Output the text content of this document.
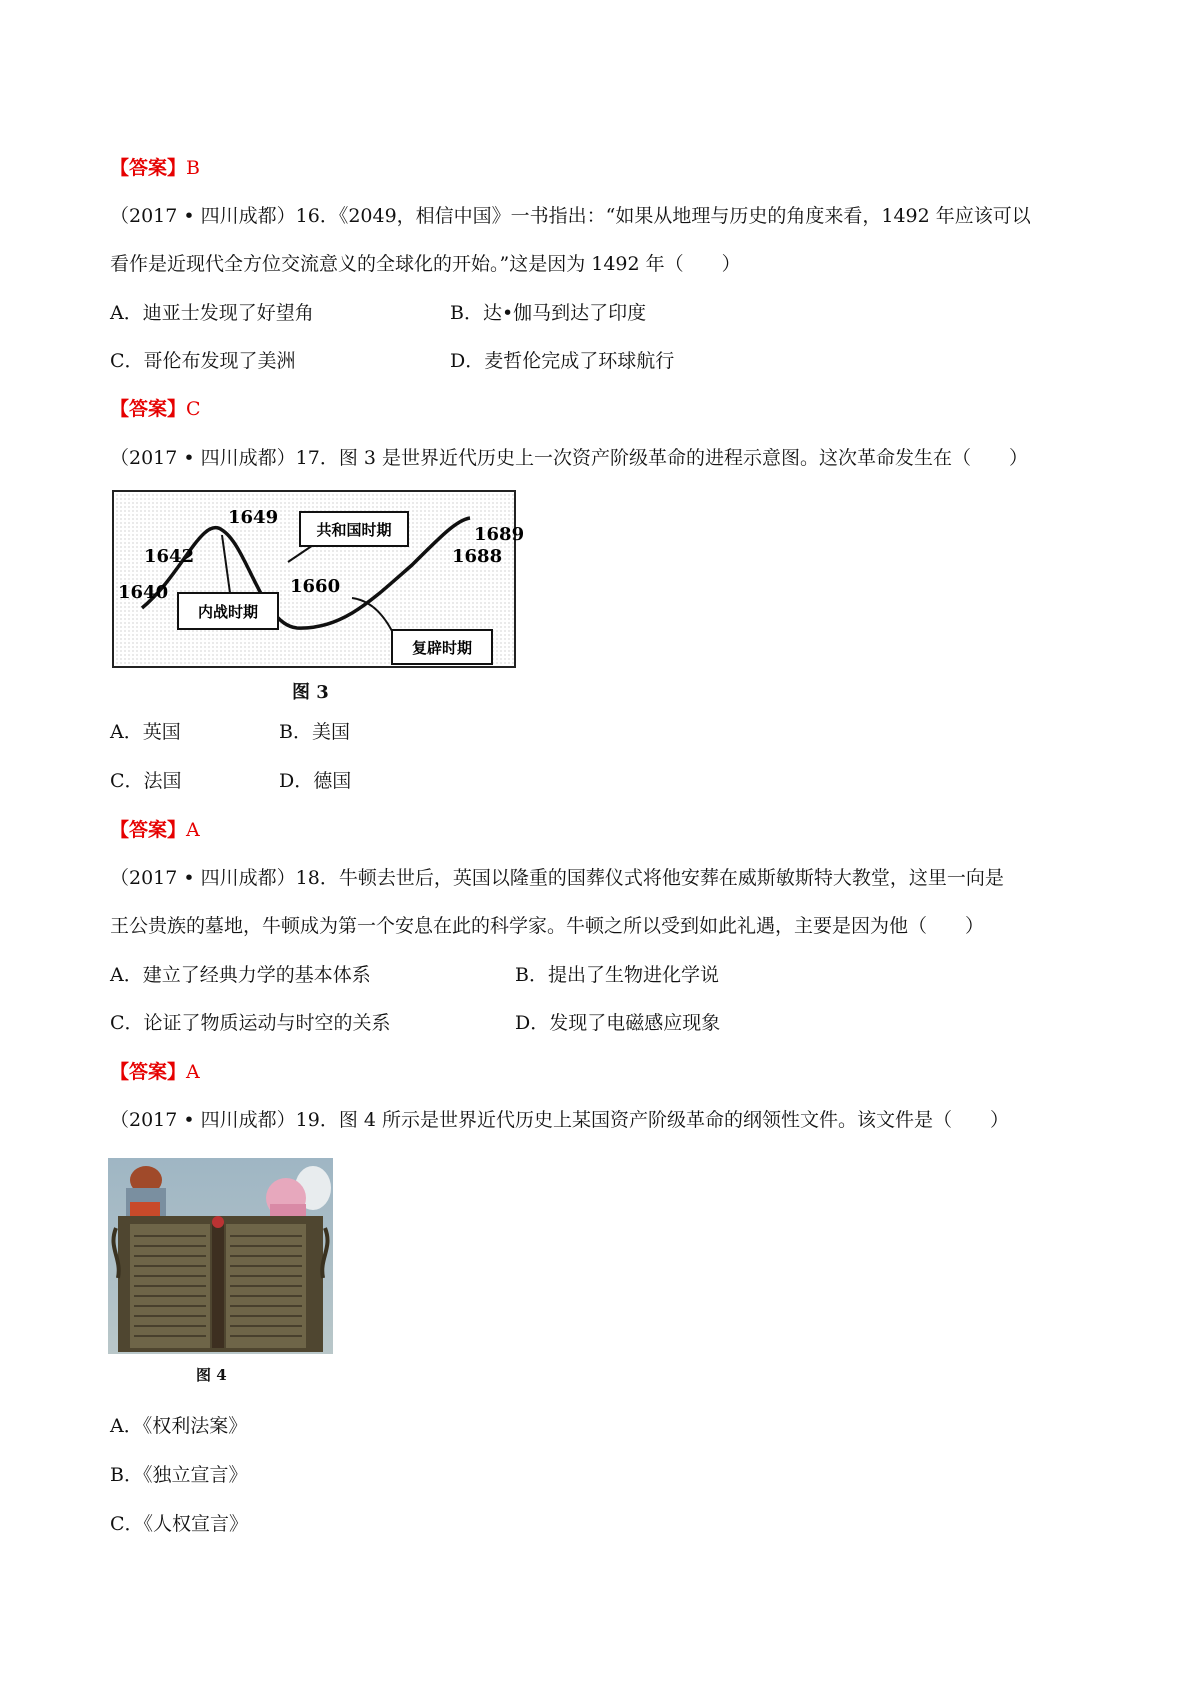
【答案】B
（2017 • 四川成都）16．《2049，相信中国》一书指出：“如果从地理与历史的角度来看，1492 年应该可以
看作是近现代全方位交流意义的全球化的开始。”这是因为 1492 年（　　）
A．迪亚士发现了好望角	B．达•伽马到达了印度
C．哥伦布发现了美洲	D．麦哲伦完成了环球航行
【答案】C
（2017 • 四川成都）17．图 3 是世界近代历史上一次资产阶级革命的进程示意图。这次革命发生在（　　）
1640
1642
1649
1660
1688
1689
内战时期
共和国时期
复辟时期
图 3
A．英国	B．美国
C．法国	D．德国
【答案】A
（2017 • 四川成都）18．牛顿去世后，英国以隆重的国葬仪式将他安葬在威斯敏斯特大教堂，这里一向是
王公贵族的墓地，牛顿成为第一个安息在此的科学家。牛顿之所以受到如此礼遇，主要是因为他（　　）
A．建立了经典力学的基本体系	B．提出了生物进化学说
C．论证了物质运动与时空的关系	D．发现了电磁感应现象
【答案】A
（2017 • 四川成都）19．图 4 所示是世界近代历史上某国资产阶级革命的纲领性文件。该文件是（　　）
图 4
A．《权利法案》
B．《独立宣言》
C．《人权宣言》
